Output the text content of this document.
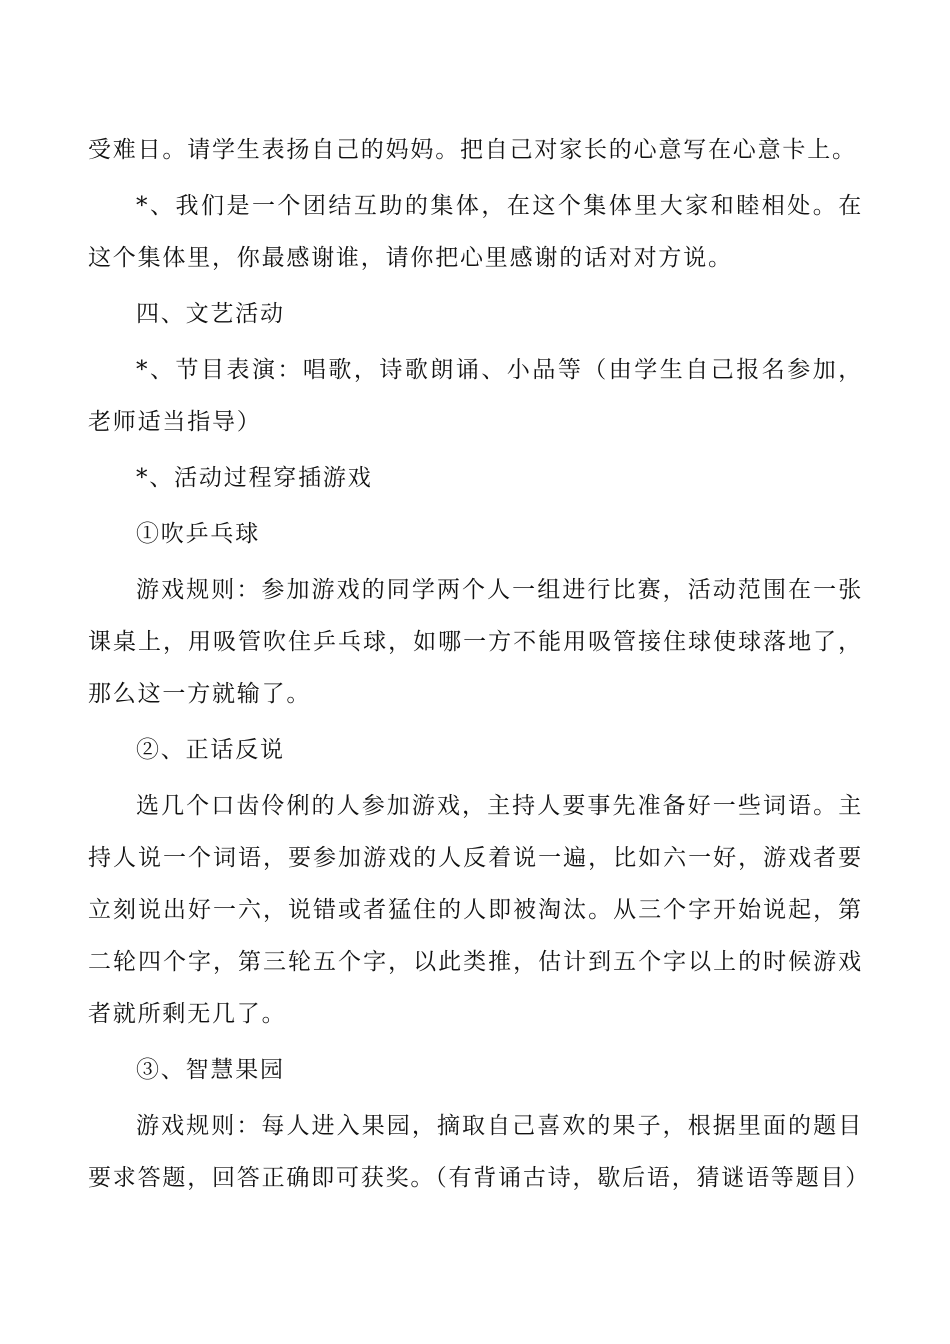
受难日。请学生表扬自己的妈妈。把自己对家长的心意写在心意卡上。

*、我们是一个团结互助的集体，在这个集体里大家和睦相处。在这个集体里，你最感谢谁，请你把心里感谢的话对对方说。

四、文艺活动

*、节目表演：唱歌，诗歌朗诵、小品等（由学生自己报名参加，老师适当指导）

*、活动过程穿插游戏

①吹乒乓球

游戏规则：参加游戏的同学两个人一组进行比赛，活动范围在一张课桌上，用吸管吹住乒乓球，如哪一方不能用吸管接住球使球落地了，那么这一方就输了。

②、正话反说

选几个口齿伶俐的人参加游戏，主持人要事先准备好一些词语。主持人说一个词语，要参加游戏的人反着说一遍，比如六一好，游戏者要立刻说出好一六，说错或者猛住的人即被淘汰。从三个字开始说起，第二轮四个字，第三轮五个字，以此类推，估计到五个字以上的时候游戏者就所剩无几了。

③、智慧果园

游戏规则：每人进入果园，摘取自己喜欢的果子，根据里面的题目要求答题，回答正确即可获奖。（有背诵古诗，歇后语，猜谜语等题目）
